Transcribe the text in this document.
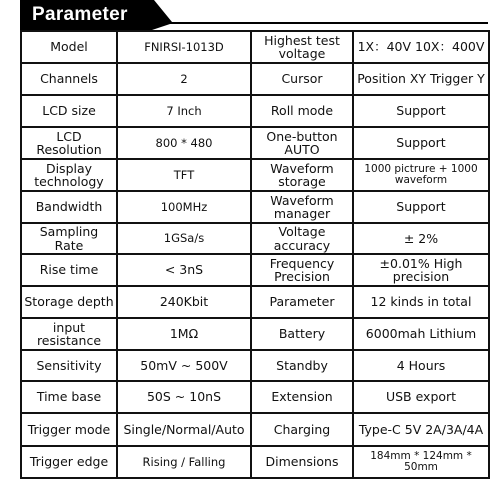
Parameter
Model	FNIRSI-1013D	Highest test voltage	1X：40V 10X：400V
Channels	2	Cursor	Position XY Trigger Y
LCD size	7 Inch	Roll mode	Support
LCD Resolution	800 * 480	One-button AUTO	Support
Display technology	TFT	Waveform storage	1000 pictrure + 1000 waveform
Bandwidth	100MHz	Waveform manager	Support
Sampling Rate	1GSa/s	Voltage accuracy	± 2%
Rise time	< 3nS	Frequency Precision	±0.01% High precision
Storage depth	240Kbit	Parameter	12 kinds in total
input resistance	1MΩ	Battery	6000mah Lithium
Sensitivity	50mV ~ 500V	Standby	4 Hours
Time base	50S ~ 10nS	Extension	USB export
Trigger mode	Single/Normal/Auto	Charging	Type-C 5V 2A/3A/4A
Trigger edge	Rising / Falling	Dimensions	184mm * 124mm * 50mm
